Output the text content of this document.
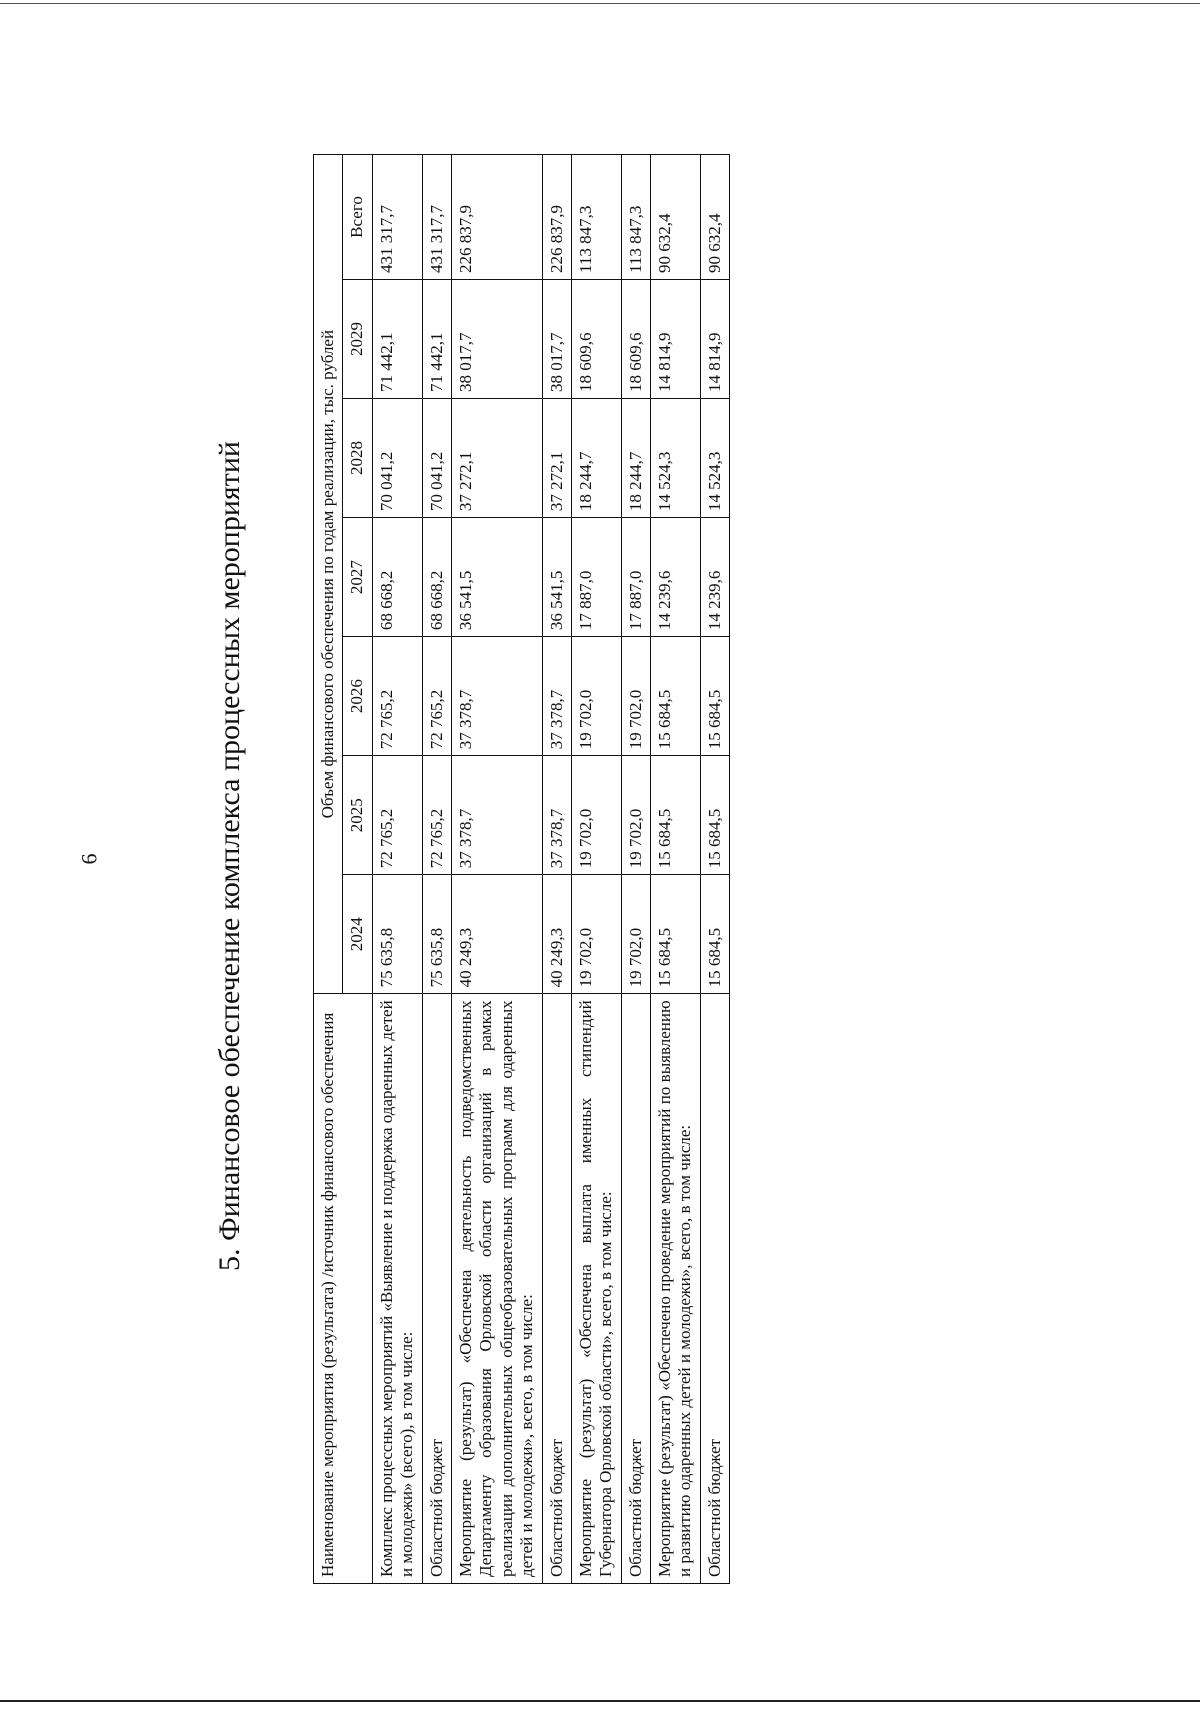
6	5. Финансовое обеспечение комплекса процессных мероприятий
Наименование мероприятия (результата) /источник финансового обеспечения	Объем финансового обеспечения по годам реализации, тыс. рублей						
	2024	2025	2026	2027	2028	2029	Всего
Комплекс процессных мероприятий «Выявление и поддержка одаренных детей и молодежи» (всего), в том числе:	75 635,8	72 765,2	72 765,2	68 668,2	70 041,2	71 442,1	431 317,7
Областной бюджет	75 635,8	72 765,2	72 765,2	68 668,2	70 041,2	71 442,1	431 317,7
Мероприятие (результат) «Обеспечена деятельность подведомственных Департаменту образования Орловской области организаций в рамках реализации дополнительных общеобразовательных программ для одаренных детей и молодежи», всего, в том числе:	40 249,3	37 378,7	37 378,7	36 541,5	37 272,1	38 017,7	226 837,9
Областной бюджет	40 249,3	37 378,7	37 378,7	36 541,5	37 272,1	38 017,7	226 837,9
Мероприятие (результат) «Обеспечена выплата именных стипендий Губернатора Орловской области», всего, в том числе:	19 702,0	19 702,0	19 702,0	17 887,0	18 244,7	18 609,6	113 847,3
Областной бюджет	19 702,0	19 702,0	19 702,0	17 887,0	18 244,7	18 609,6	113 847,3
Мероприятие (результат) «Обеспечено проведение мероприятий по выявлению и развитию одаренных детей и молодежи», всего, в том числе:	15 684,5	15 684,5	15 684,5	14 239,6	14 524,3	14 814,9	90 632,4
Областной бюджет	15 684,5	15 684,5	15 684,5	14 239,6	14 524,3	14 814,9	90 632,4
